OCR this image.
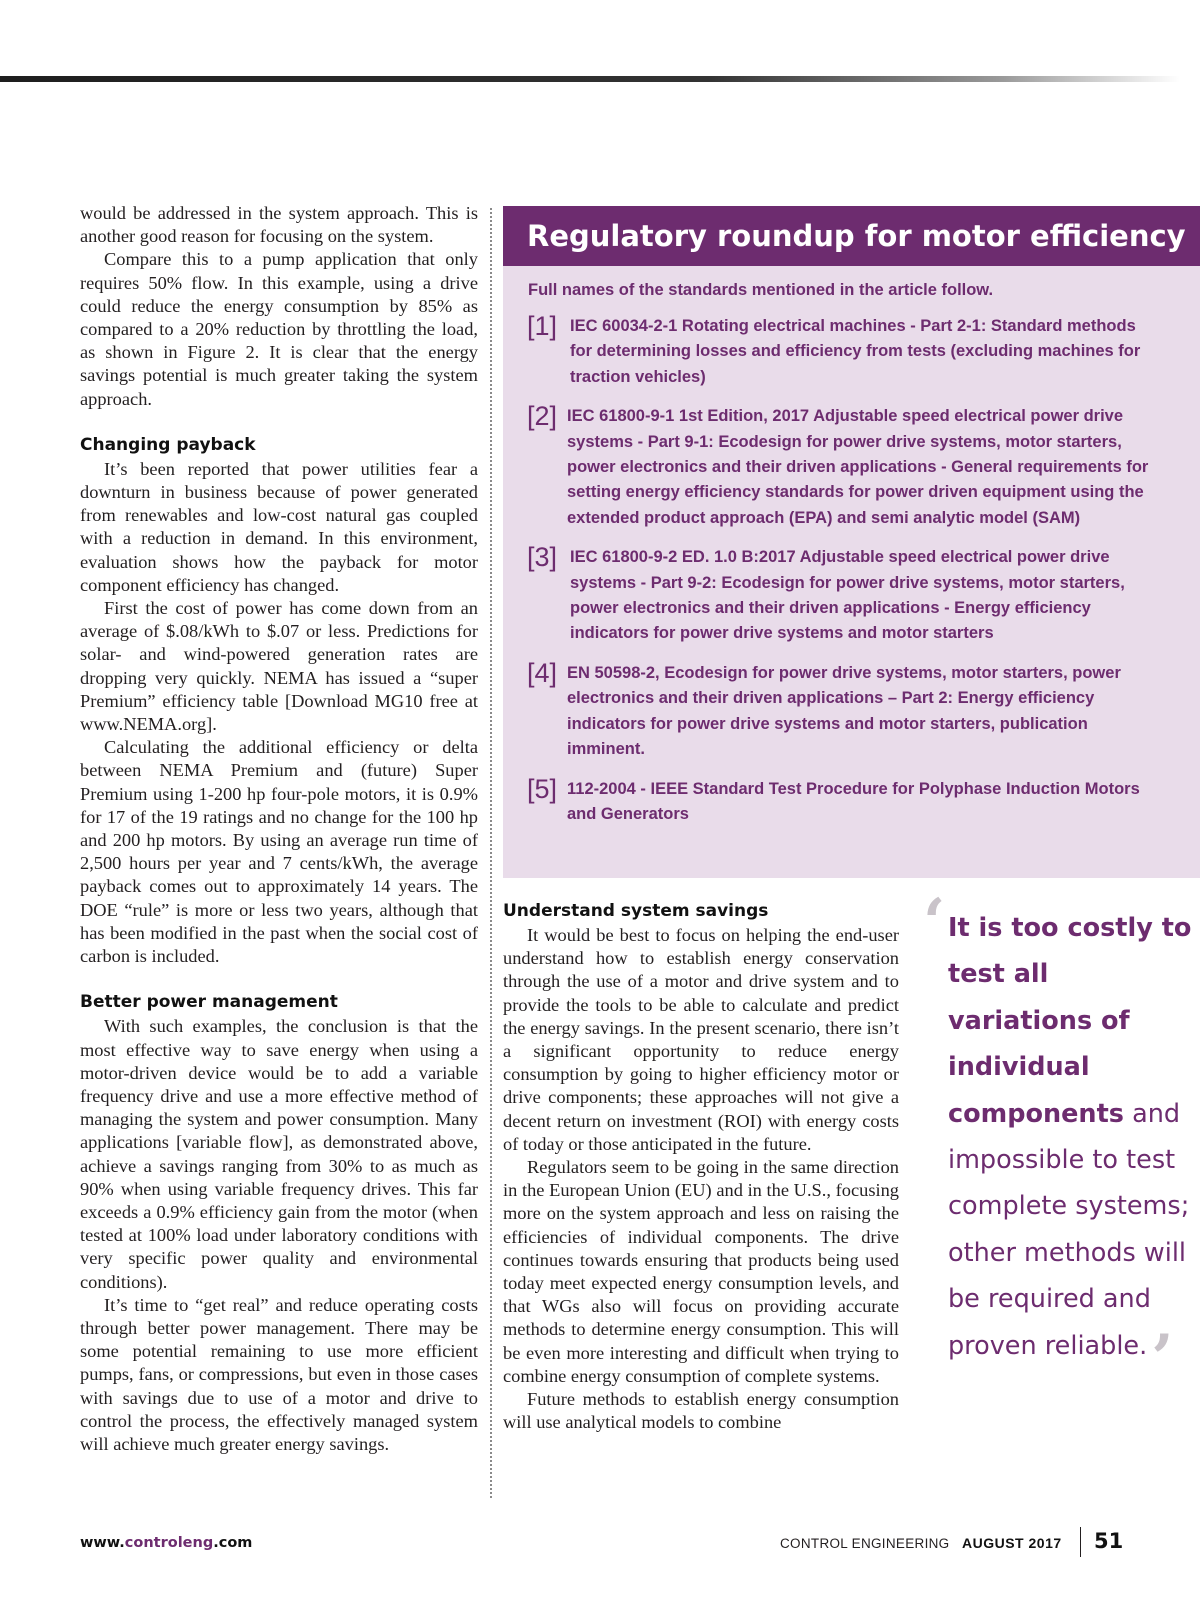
would be addressed in the system approach. This is another good reason for focusing on the system.

Compare this to a pump application that only requires 50% flow. In this example, using a drive could reduce the energy consumption by 85% as compared to a 20% reduction by throttling the load, as shown in Figure 2. It is clear that the energy savings potential is much greater taking the system approach.

Changing payback

It’s been reported that power utilities fear a downturn in business because of power generated from renewables and low-cost natural gas coupled with a reduction in demand. In this environment, evaluation shows how the payback for motor component efficiency has changed.

First the cost of power has come down from an average of $.08/kWh to $.07 or less. Predictions for solar- and wind-powered generation rates are dropping very quickly. NEMA has issued a “super Premium” efficiency table [Download MG10 free at www.NEMA.org].

Calculating the additional efficiency or delta between NEMA Premium and (future) Super Premium using 1-200 hp four-pole motors, it is 0.9% for 17 of the 19 ratings and no change for the 100 hp and 200 hp motors. By using an average run time of 2,500 hours per year and 7 cents/kWh, the average payback comes out to approximately 14 years. The DOE “rule” is more or less two years, although that has been modified in the past when the social cost of carbon is included.

Better power management

With such examples, the conclusion is that the most effective way to save energy when using a motor-driven device would be to add a variable frequency drive and use a more effective method of managing the system and power consumption. Many applications [variable flow], as demonstrated above, achieve a savings ranging from 30% to as much as 90% when using variable frequency drives. This far exceeds a 0.9% efficiency gain from the motor (when tested at 100% load under laboratory conditions with very specific power quality and environmental conditions).

It’s time to “get real” and reduce operating costs through better power management. There may be some potential remaining to use more efficient pumps, fans, or compressions, but even in those cases with savings due to use of a motor and drive to control the process, the effectively managed system will achieve much greater energy savings.

Regulatory roundup for motor efficiency
Full names of the standards mentioned in the article follow.
[1] IEC 60034-2-1 Rotating electrical machines - Part 2-1: Standard methods for determining losses and efficiency from tests (excluding machines for traction vehicles)
[2] IEC 61800-9-1 1st Edition, 2017 Adjustable speed electrical power drive systems - Part 9-1: Ecodesign for power drive systems, motor starters, power electronics and their driven applications - General requirements for setting energy efficiency standards for power driven equipment using the extended product approach (EPA) and semi analytic model (SAM)
[3] IEC 61800-9-2 ED. 1.0 B:2017 Adjustable speed electrical power drive systems - Part 9-2: Ecodesign for power drive systems, motor starters, power electronics and their driven applications - Energy efficiency indicators for power drive systems and motor starters
[4] EN 50598-2, Ecodesign for power drive systems, motor starters, power electronics and their driven applications – Part 2: Energy efficiency indicators for power drive systems and motor starters, publication imminent.
[5] 112-2004 - IEEE Standard Test Procedure for Polyphase Induction Motors and Generators
Understand system savings

It would be best to focus on helping the end-user understand how to establish energy conservation through the use of a motor and drive system and to provide the tools to be able to calculate and predict the energy savings. In the present scenario, there isn’t a significant opportunity to reduce energy consumption by going to higher efficiency motor or drive components; these approaches will not give a decent return on investment (ROI) with energy costs of today or those anticipated in the future.

Regulators seem to be going in the same direction in the European Union (EU) and in the U.S., focusing more on the system approach and less on raising the efficiencies of individual components. The drive continues towards ensuring that products being used today meet expected energy consumption levels, and that WGs also will focus on providing accurate methods to determine energy consumption. This will be even more interesting and difficult when trying to combine energy consumption of complete systems.

Future methods to establish energy consumption will use analytical models to combine

‘ It is too costly to test all variations of individual components and impossible to test complete systems; other methods will be required and proven reliable.’
www.controleng.com	CONTROL ENGINEERING AUGUST 2017 51
